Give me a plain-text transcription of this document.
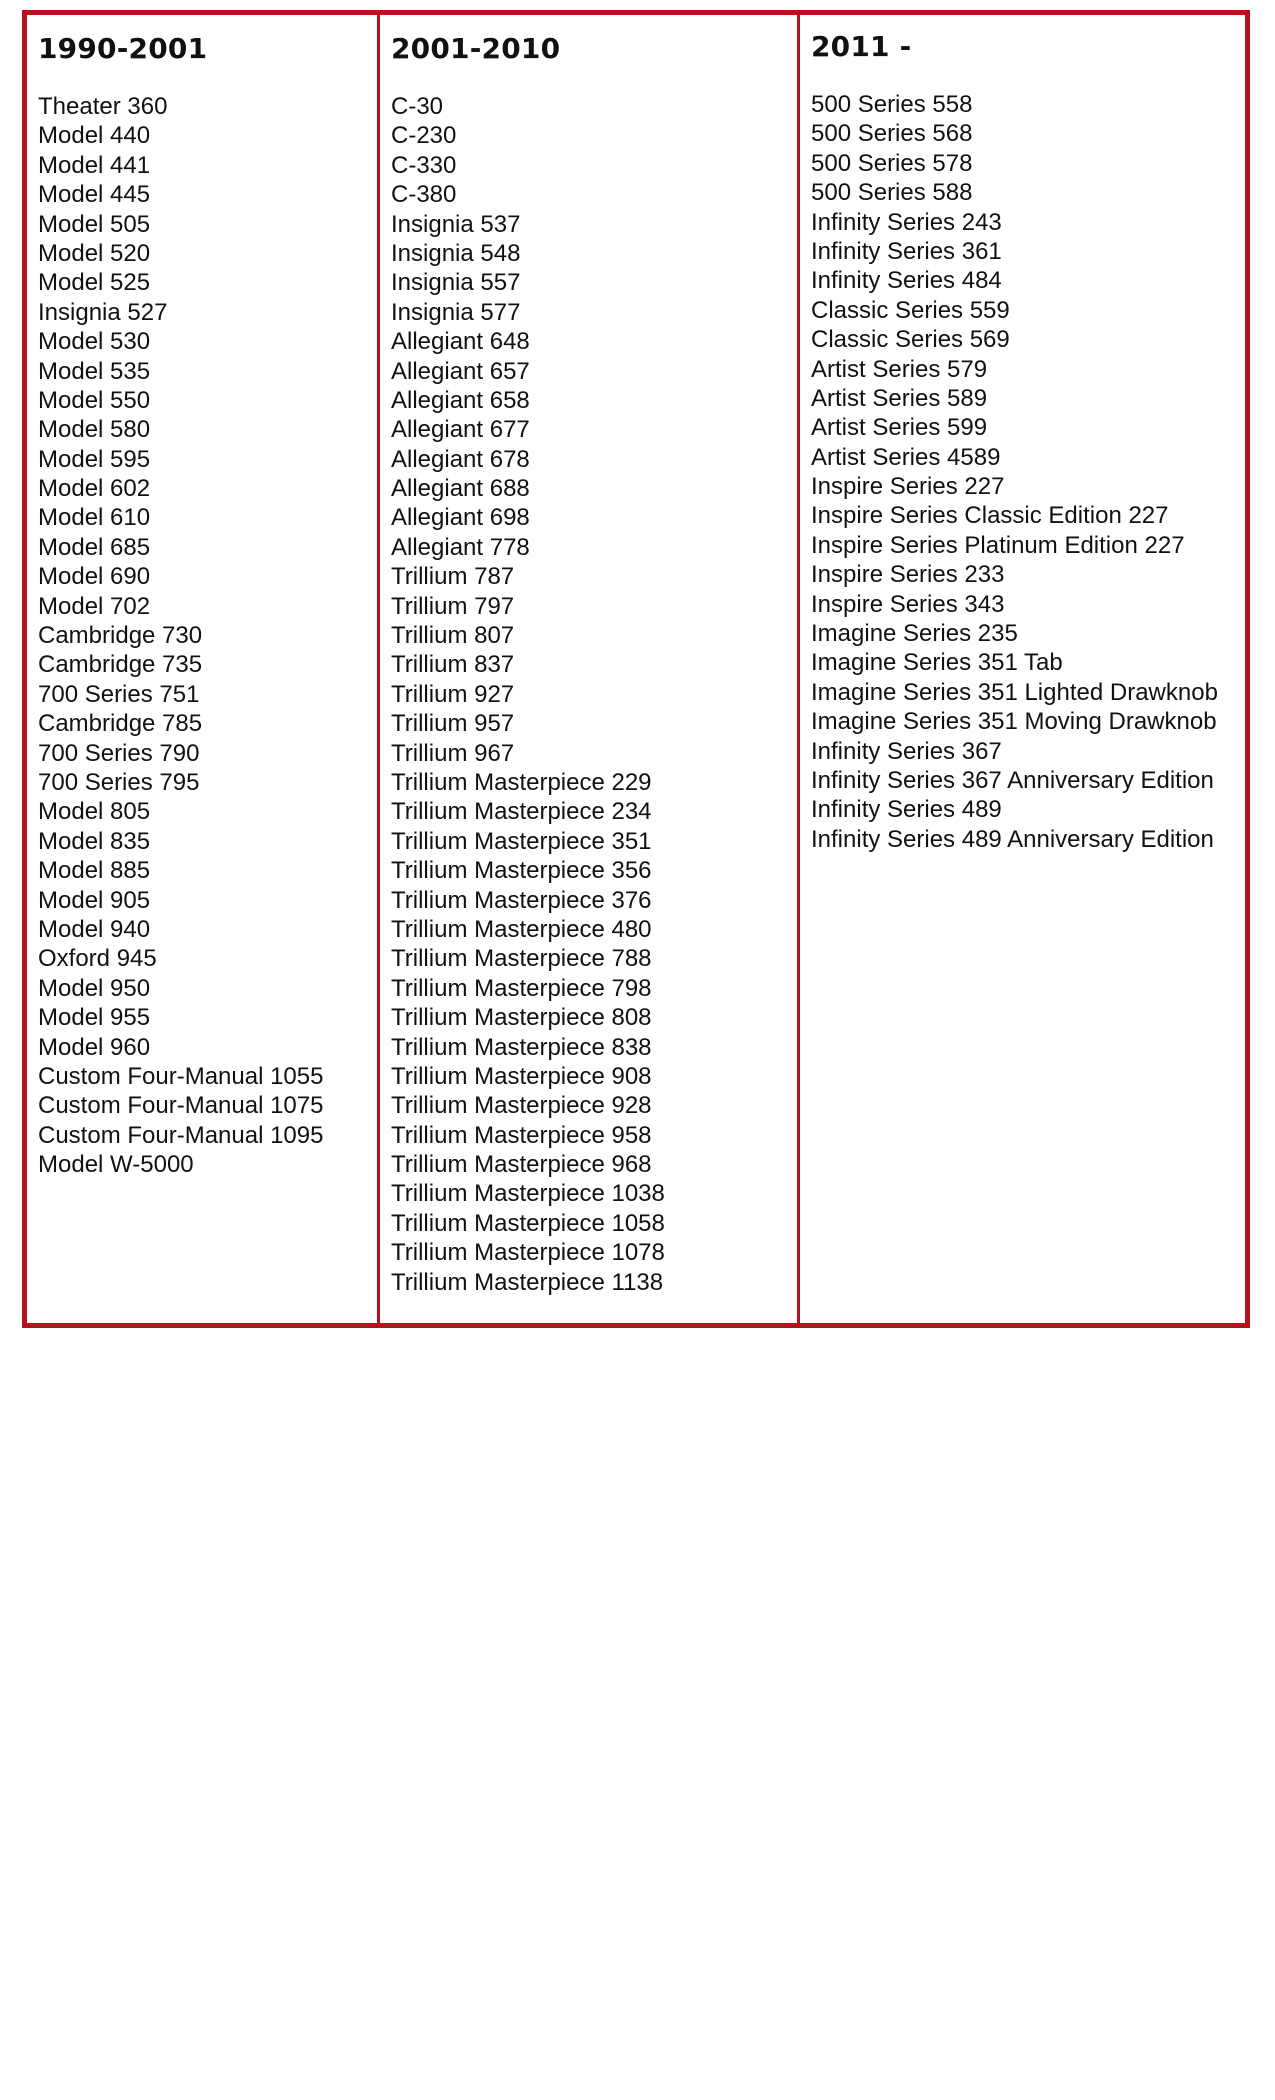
1990-2001
Theater 360
Model 440
Model 441
Model 445
Model 505
Model 520
Model 525
Insignia 527
Model 530
Model 535
Model 550
Model 580
Model 595
Model 602
Model 610
Model 685
Model 690
Model 702
Cambridge 730
Cambridge 735
700 Series 751
Cambridge 785
700 Series 790
700 Series 795
Model 805
Model 835
Model 885
Model 905
Model 940
Oxford 945
Model 950
Model 955
Model 960
Custom Four-Manual 1055
Custom Four-Manual 1075
Custom Four-Manual 1095
Model W-5000
2001-2010
C-30
C-230
C-330
C-380
Insignia 537
Insignia 548
Insignia 557
Insignia 577
Allegiant 648
Allegiant 657
Allegiant 658
Allegiant 677
Allegiant 678
Allegiant 688
Allegiant 698
Allegiant 778
Trillium 787
Trillium 797
Trillium 807
Trillium 837
Trillium 927
Trillium 957
Trillium 967
Trillium Masterpiece 229
Trillium Masterpiece 234
Trillium Masterpiece 351
Trillium Masterpiece 356
Trillium Masterpiece 376
Trillium Masterpiece 480
Trillium Masterpiece 788
Trillium Masterpiece 798
Trillium Masterpiece 808
Trillium Masterpiece 838
Trillium Masterpiece 908
Trillium Masterpiece 928
Trillium Masterpiece 958
Trillium Masterpiece 968
Trillium Masterpiece 1038
Trillium Masterpiece 1058
Trillium Masterpiece 1078
Trillium Masterpiece 1138
2011 -
500 Series 558
500 Series 568
500 Series 578
500 Series 588
Infinity Series 243
Infinity Series 361
Infinity Series 484
Classic Series 559
Classic Series 569
Artist Series 579
Artist Series 589
Artist Series 599
Artist Series 4589
Inspire Series 227
Inspire Series Classic Edition 227
Inspire Series Platinum Edition 227
Inspire Series 233
Inspire Series 343
Imagine Series 235
Imagine Series 351 Tab
Imagine Series 351 Lighted Drawknob
Imagine Series 351 Moving Drawknob
Infinity Series 367
Infinity Series 367 Anniversary Edition
Infinity Series 489
Infinity Series 489 Anniversary Edition
